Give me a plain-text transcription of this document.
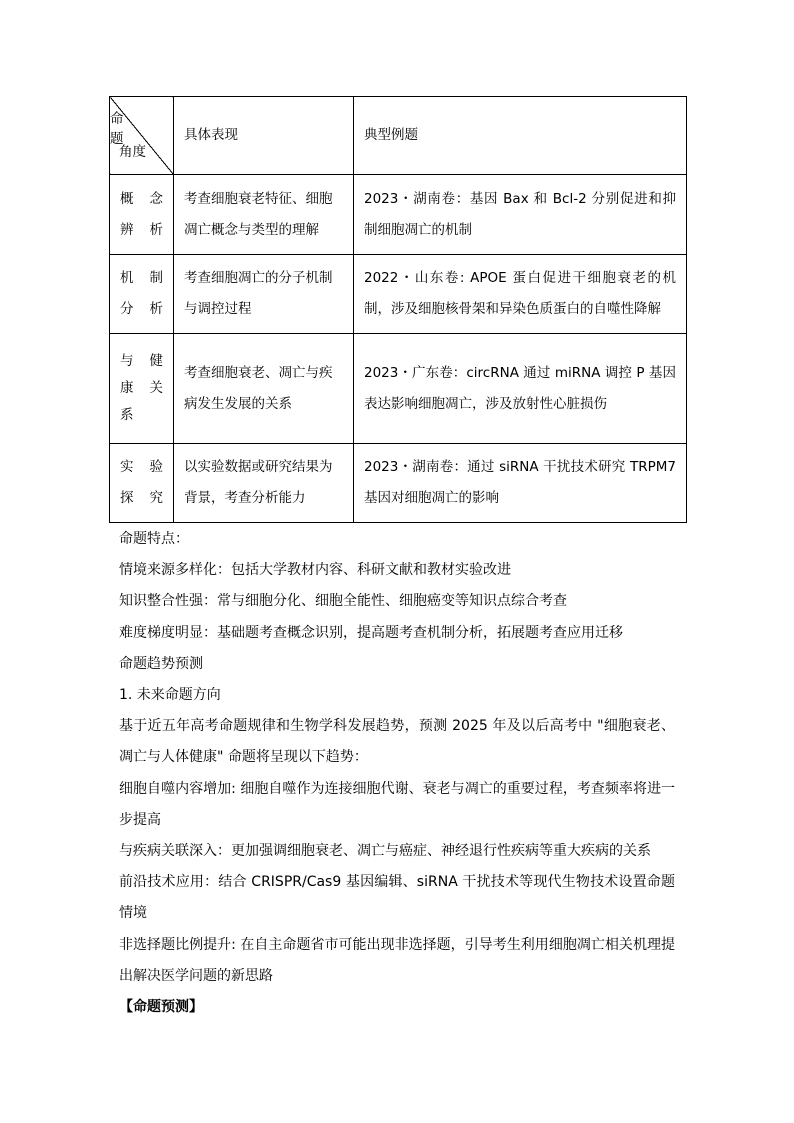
命 题
角度	具体表现	典型例题

概 念
辨析	考查细胞衰老特征、细胞凋亡概念与类型的理解	2023・湖南卷：基因 Bax 和 Bcl-2 分别促进和抑制细胞凋亡的机制

机 制
分析	考查细胞凋亡的分子机制与调控过程	2022・山东卷: APOE 蛋白促进干细胞衰老的机制，涉及细胞核骨架和异染色质蛋白的自噬性降解

与 健
康 关
系	考查细胞衰老、凋亡与疾病发生发展的关系	2023・广东卷：circRNA 通过 miRNA 调控 P 基因表达影响细胞凋亡，涉及放射性心脏损伤

实 验
探究	以实验数据或研究结果为背景，考查分析能力	2023・湖南卷：通过 siRNA 干扰技术研究 TRPM7 基因对细胞凋亡的影响

命题特点：

情境来源多样化：包括大学教材内容、科研文献和教材实验改进

知识整合性强：常与细胞分化、细胞全能性、细胞癌变等知识点综合考查

难度梯度明显：基础题考查概念识别，提高题考查机制分析，拓展题考查应用迁移

命题趋势预测

1. 未来命题方向

基于近五年高考命题规律和生物学科发展趋势，预测 2025 年及以后高考中 "细胞衰老、凋亡与人体健康" 命题将呈现以下趋势：

细胞自噬内容增加: 细胞自噬作为连接细胞代谢、衰老与凋亡的重要过程，考查频率将进一步提高

与疾病关联深入：更加强调细胞衰老、凋亡与癌症、神经退行性疾病等重大疾病的关系

前沿技术应用：结合 CRISPR/Cas9 基因编辑、siRNA 干扰技术等现代生物技术设置命题情境

非选择题比例提升: 在自主命题省市可能出现非选择题，引导考生利用细胞凋亡相关机理提出解决医学问题的新思路

【命题预测】
